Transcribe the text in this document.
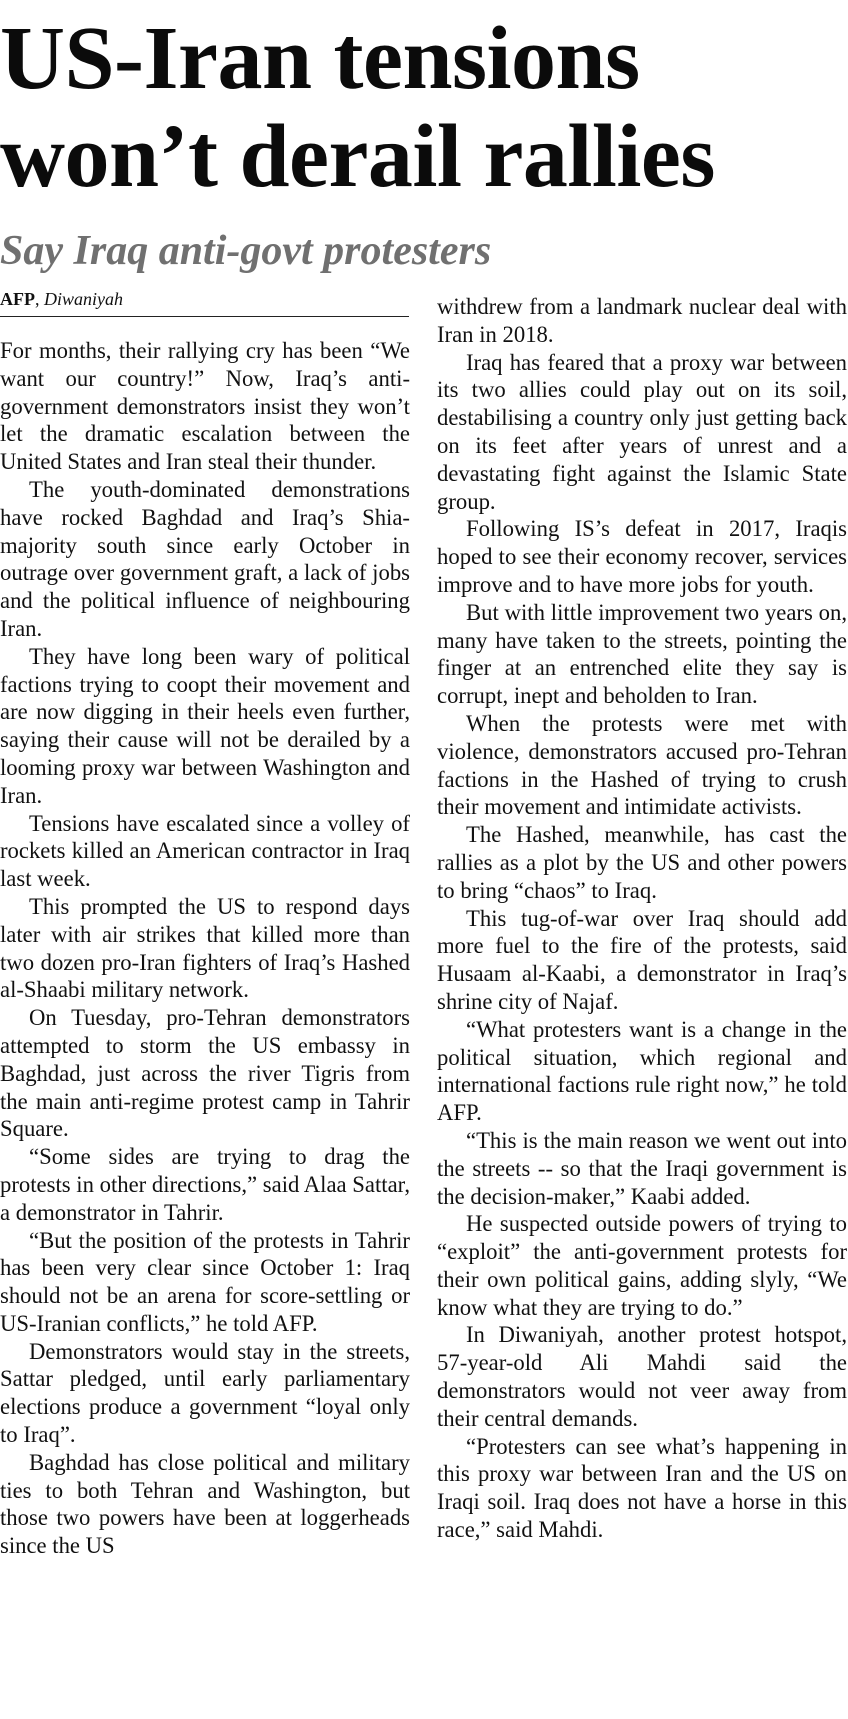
US-Iran tensions won’t derail rallies
Say Iraq anti-govt protesters
AFP, Diwaniyah

For months, their rallying cry has been “We want our country!” Now, Iraq’s anti-government demonstrators insist they won’t let the dramatic escalation between the United States and Iran steal their thunder.

The youth-dominated demonstrations have rocked Baghdad and Iraq’s Shia-majority south since early October in outrage over government graft, a lack of jobs and the political influence of neighbouring Iran.

They have long been wary of political factions trying to coopt their movement and are now digging in their heels even further, saying their cause will not be derailed by a looming proxy war between Washington and Iran.

Tensions have escalated since a volley of rockets killed an American contractor in Iraq last week.

This prompted the US to respond days later with air strikes that killed more than two dozen pro-Iran fighters of Iraq’s Hashed al-Shaabi military network.

On Tuesday, pro-Tehran demonstrators attempted to storm the US embassy in Baghdad, just across the river Tigris from the main anti-regime protest camp in Tahrir Square.

“Some sides are trying to drag the protests in other directions,” said Alaa Sattar, a demonstrator in Tahrir.

“But the position of the protests in Tahrir has been very clear since October 1: Iraq should not be an arena for score-settling or US-Iranian conflicts,” he told AFP.

Demonstrators would stay in the streets, Sattar pledged, until early parliamentary elections produce a government “loyal only to Iraq”.

Baghdad has close political and military ties to both Tehran and Washington, but those two powers have been at loggerheads since the US

withdrew from a landmark nuclear deal with Iran in 2018.

Iraq has feared that a proxy war between its two allies could play out on its soil, destabilising a country only just getting back on its feet after years of unrest and a devastating fight against the Islamic State group.

Following IS’s defeat in 2017, Iraqis hoped to see their economy recover, services improve and to have more jobs for youth.

But with little improvement two years on, many have taken to the streets, pointing the finger at an entrenched elite they say is corrupt, inept and beholden to Iran.

When the protests were met with violence, demonstrators accused pro-Tehran factions in the Hashed of trying to crush their movement and intimidate activists.

The Hashed, meanwhile, has cast the rallies as a plot by the US and other powers to bring “chaos” to Iraq.

This tug-of-war over Iraq should add more fuel to the fire of the protests, said Husaam al-Kaabi, a demonstrator in Iraq’s shrine city of Najaf.

“What protesters want is a change in the political situation, which regional and international factions rule right now,” he told AFP.

“This is the main reason we went out into the streets -- so that the Iraqi government is the decision-maker,” Kaabi added.

He suspected outside powers of trying to “exploit” the anti-government protests for their own political gains, adding slyly, “We know what they are trying to do.”

In Diwaniyah, another protest hotspot, 57-year-old Ali Mahdi said the demonstrators would not veer away from their central demands.

“Protesters can see what’s happening in this proxy war between Iran and the US on Iraqi soil. Iraq does not have a horse in this race,” said Mahdi.
